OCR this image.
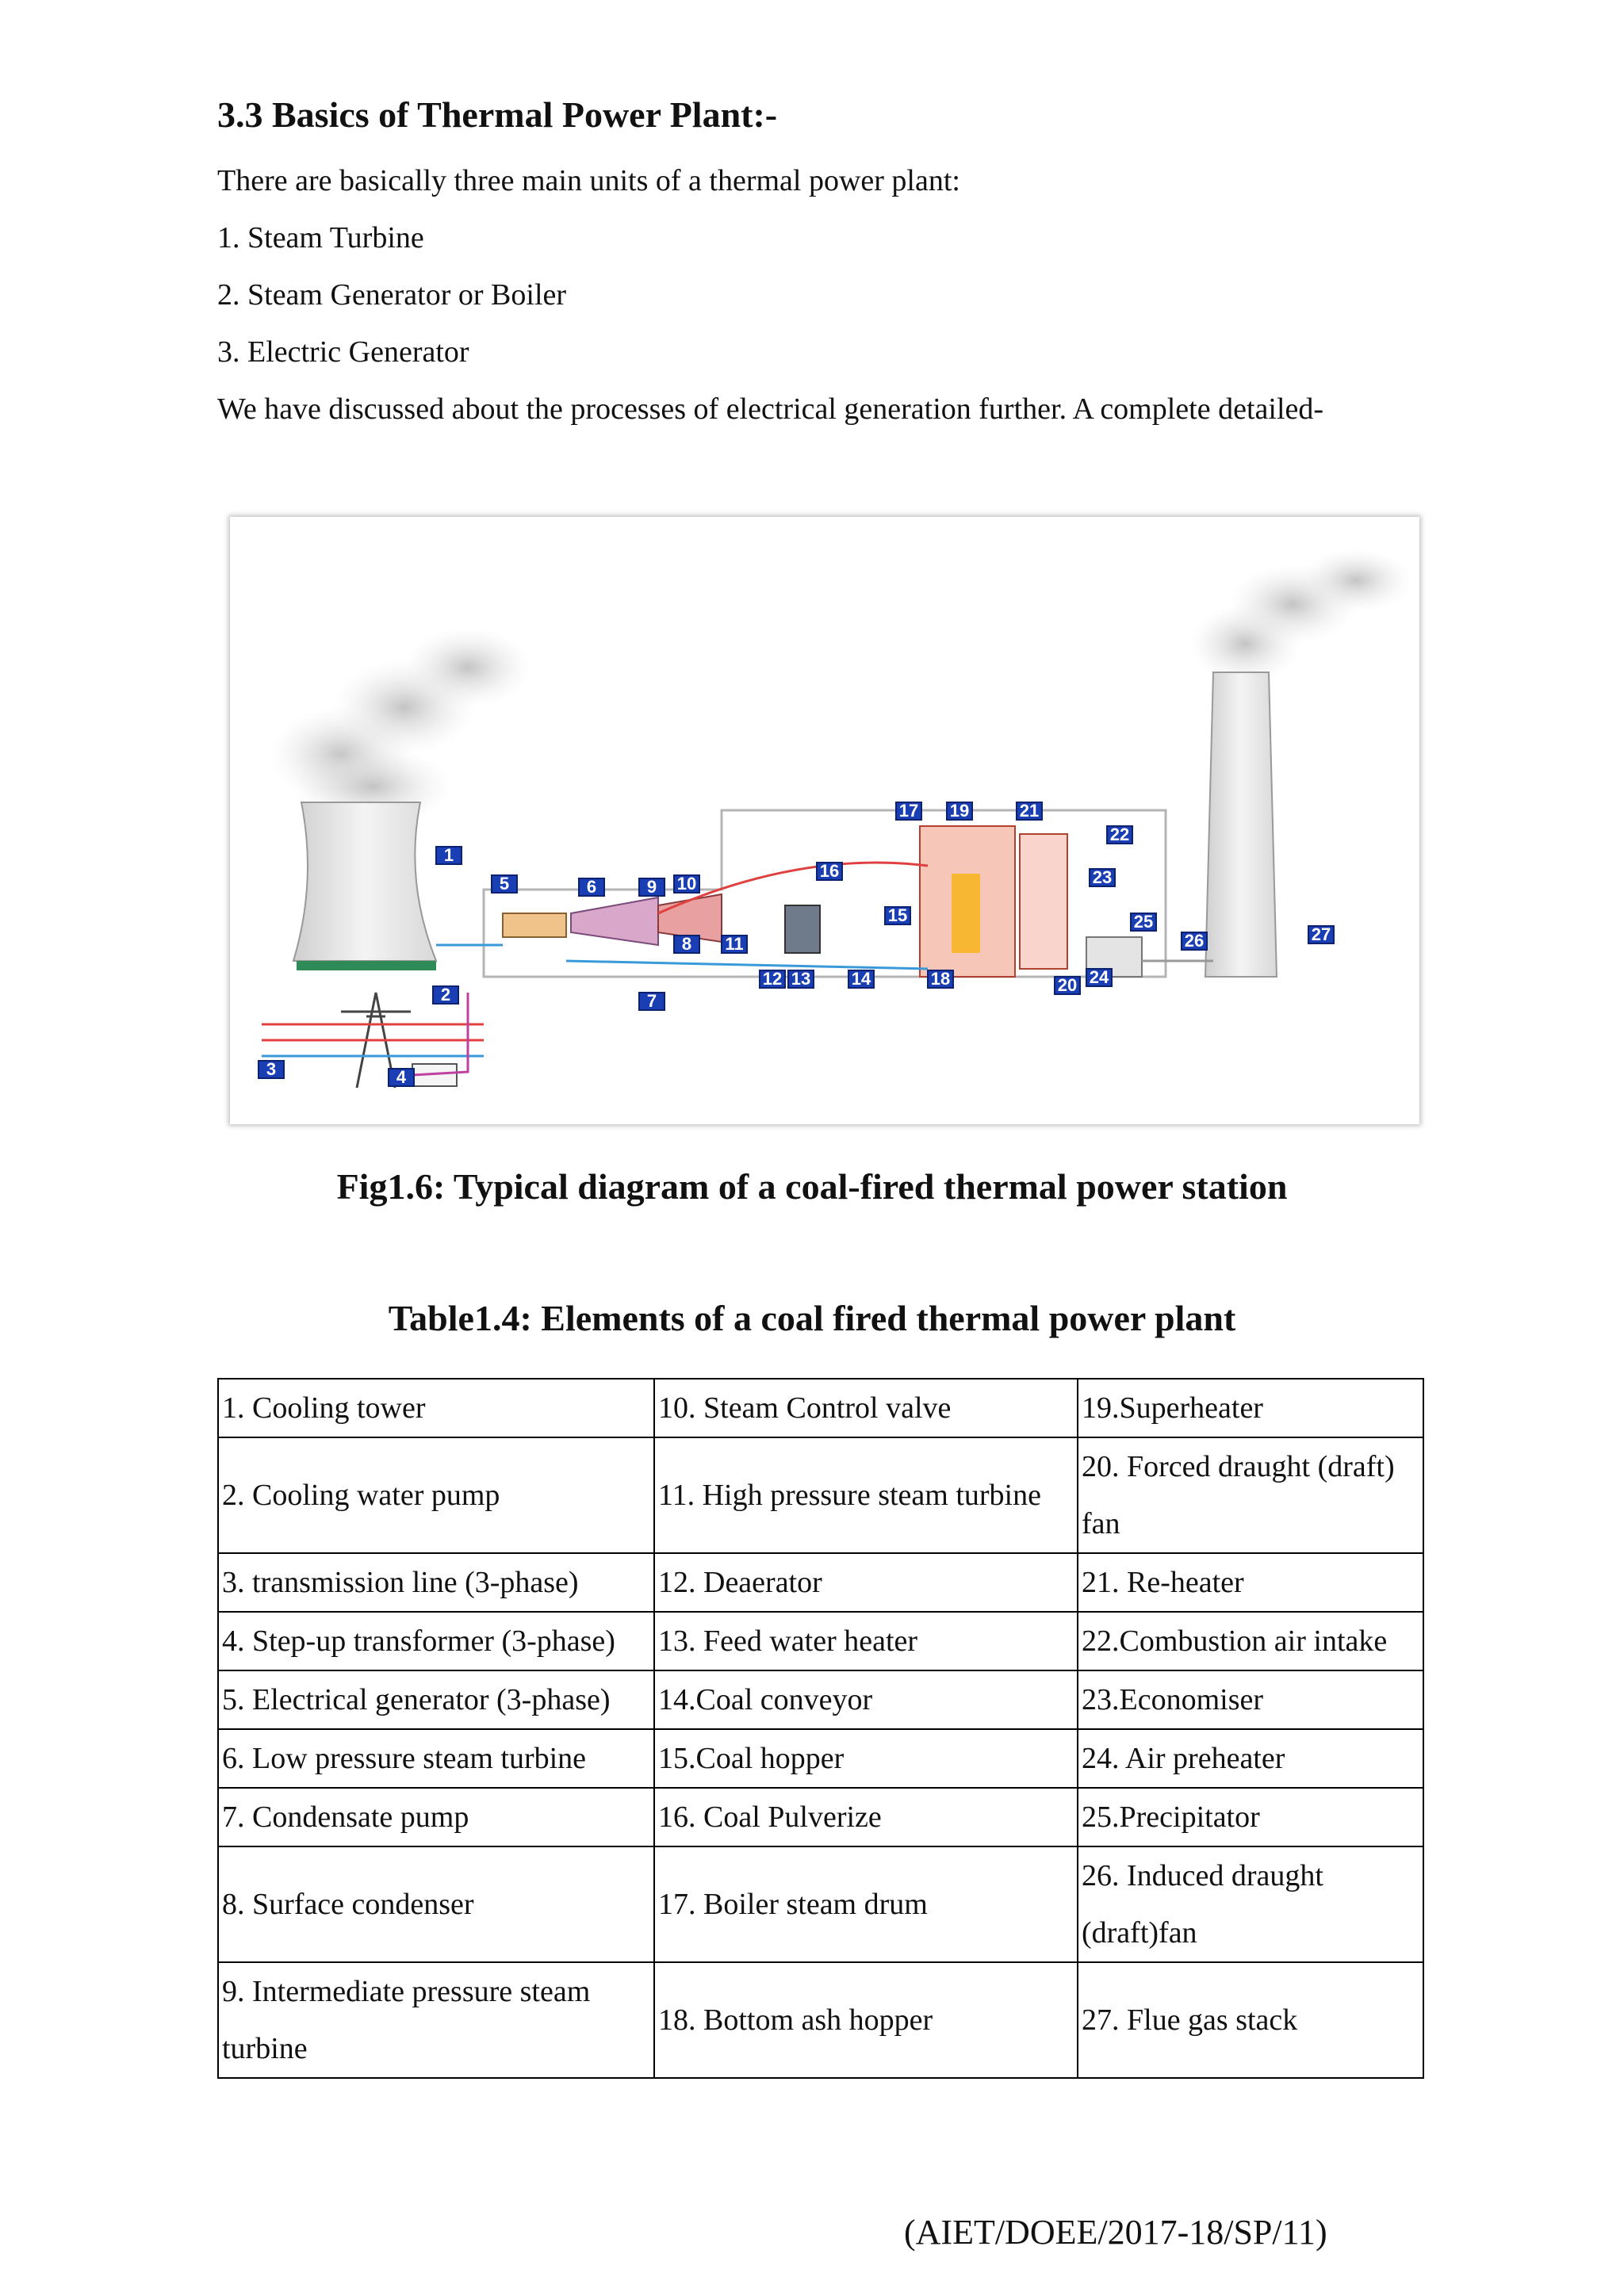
3.3 Basics of Thermal Power Plant:-

There are basically three main units of a thermal power plant:

1. Steam Turbine

2. Steam Generator or Boiler

3. Electric Generator

We have discussed about the processes of electrical generation further. A complete detailed-

1
2
3	4
5	6
7
8
9 10
11
12 13	14
15
16
17
18
19
20
21
22
23
24
25
26	27
Fig1.6: Typical diagram of a coal-fired thermal power station
Table1.4: Elements of a coal fired thermal power plant
1. Cooling tower	10. Steam Control valve	19.Superheater
2. Cooling water pump	11. High pressure steam turbine	20. Forced draught (draft) fan
3. transmission line (3-phase)	12. Deaerator	21. Re-heater
4. Step-up transformer (3-phase)	13. Feed water heater	22.Combustion air intake
5. Electrical generator (3-phase)	14.Coal conveyor	23.Economiser
6. Low pressure steam turbine	15.Coal hopper	24. Air preheater
7. Condensate pump	16. Coal Pulverize	25.Precipitator
8. Surface condenser	17. Boiler steam drum	26. Induced draught (draft)fan
9. Intermediate pressure steam turbine	18. Bottom ash hopper	27. Flue gas stack

(AIET/DOEE/2017-18/SP/11)
